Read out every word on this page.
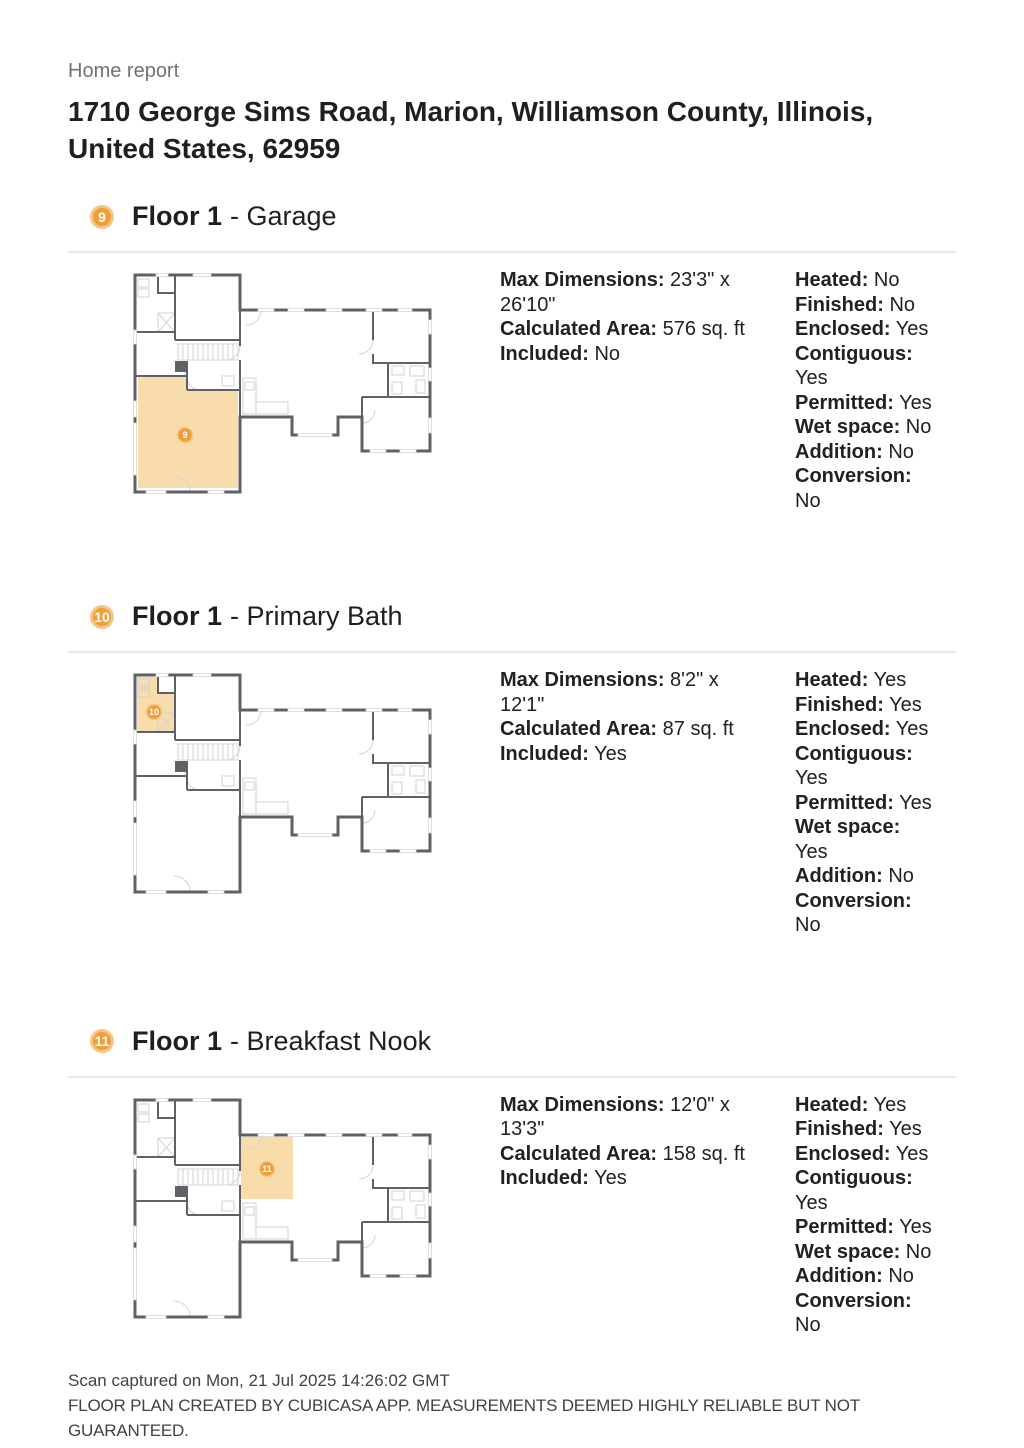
Home report

1710 George Sims Road, Marion, Williamson County, Illinois, United States, 62959
9 Floor 1 - Garage
9
Max Dimensions: 23'3" x 26'10"
Calculated Area: 576 sq. ft
Included: No
Heated: No
Finished: No
Enclosed: Yes
Contiguous: Yes
Permitted: Yes
Wet space: No
Addition: No
Conversion: No
10 Floor 1 - Primary Bath
10
Max Dimensions: 8'2" x 12'1"
Calculated Area: 87 sq. ft
Included: Yes
Heated: Yes
Finished: Yes
Enclosed: Yes
Contiguous: Yes
Permitted: Yes
Wet space: Yes
Addition: No
Conversion: No
11 Floor 1 - Breakfast Nook
11
Max Dimensions: 12'0" x 13'3"
Calculated Area: 158 sq. ft
Included: Yes
Heated: Yes
Finished: Yes
Enclosed: Yes
Contiguous: Yes
Permitted: Yes
Wet space: No
Addition: No
Conversion: No
Scan captured on Mon, 21 Jul 2025 14:26:02 GMT
FLOOR PLAN CREATED BY CUBICASA APP. MEASUREMENTS DEEMED HIGHLY RELIABLE BUT NOT GUARANTEED.
